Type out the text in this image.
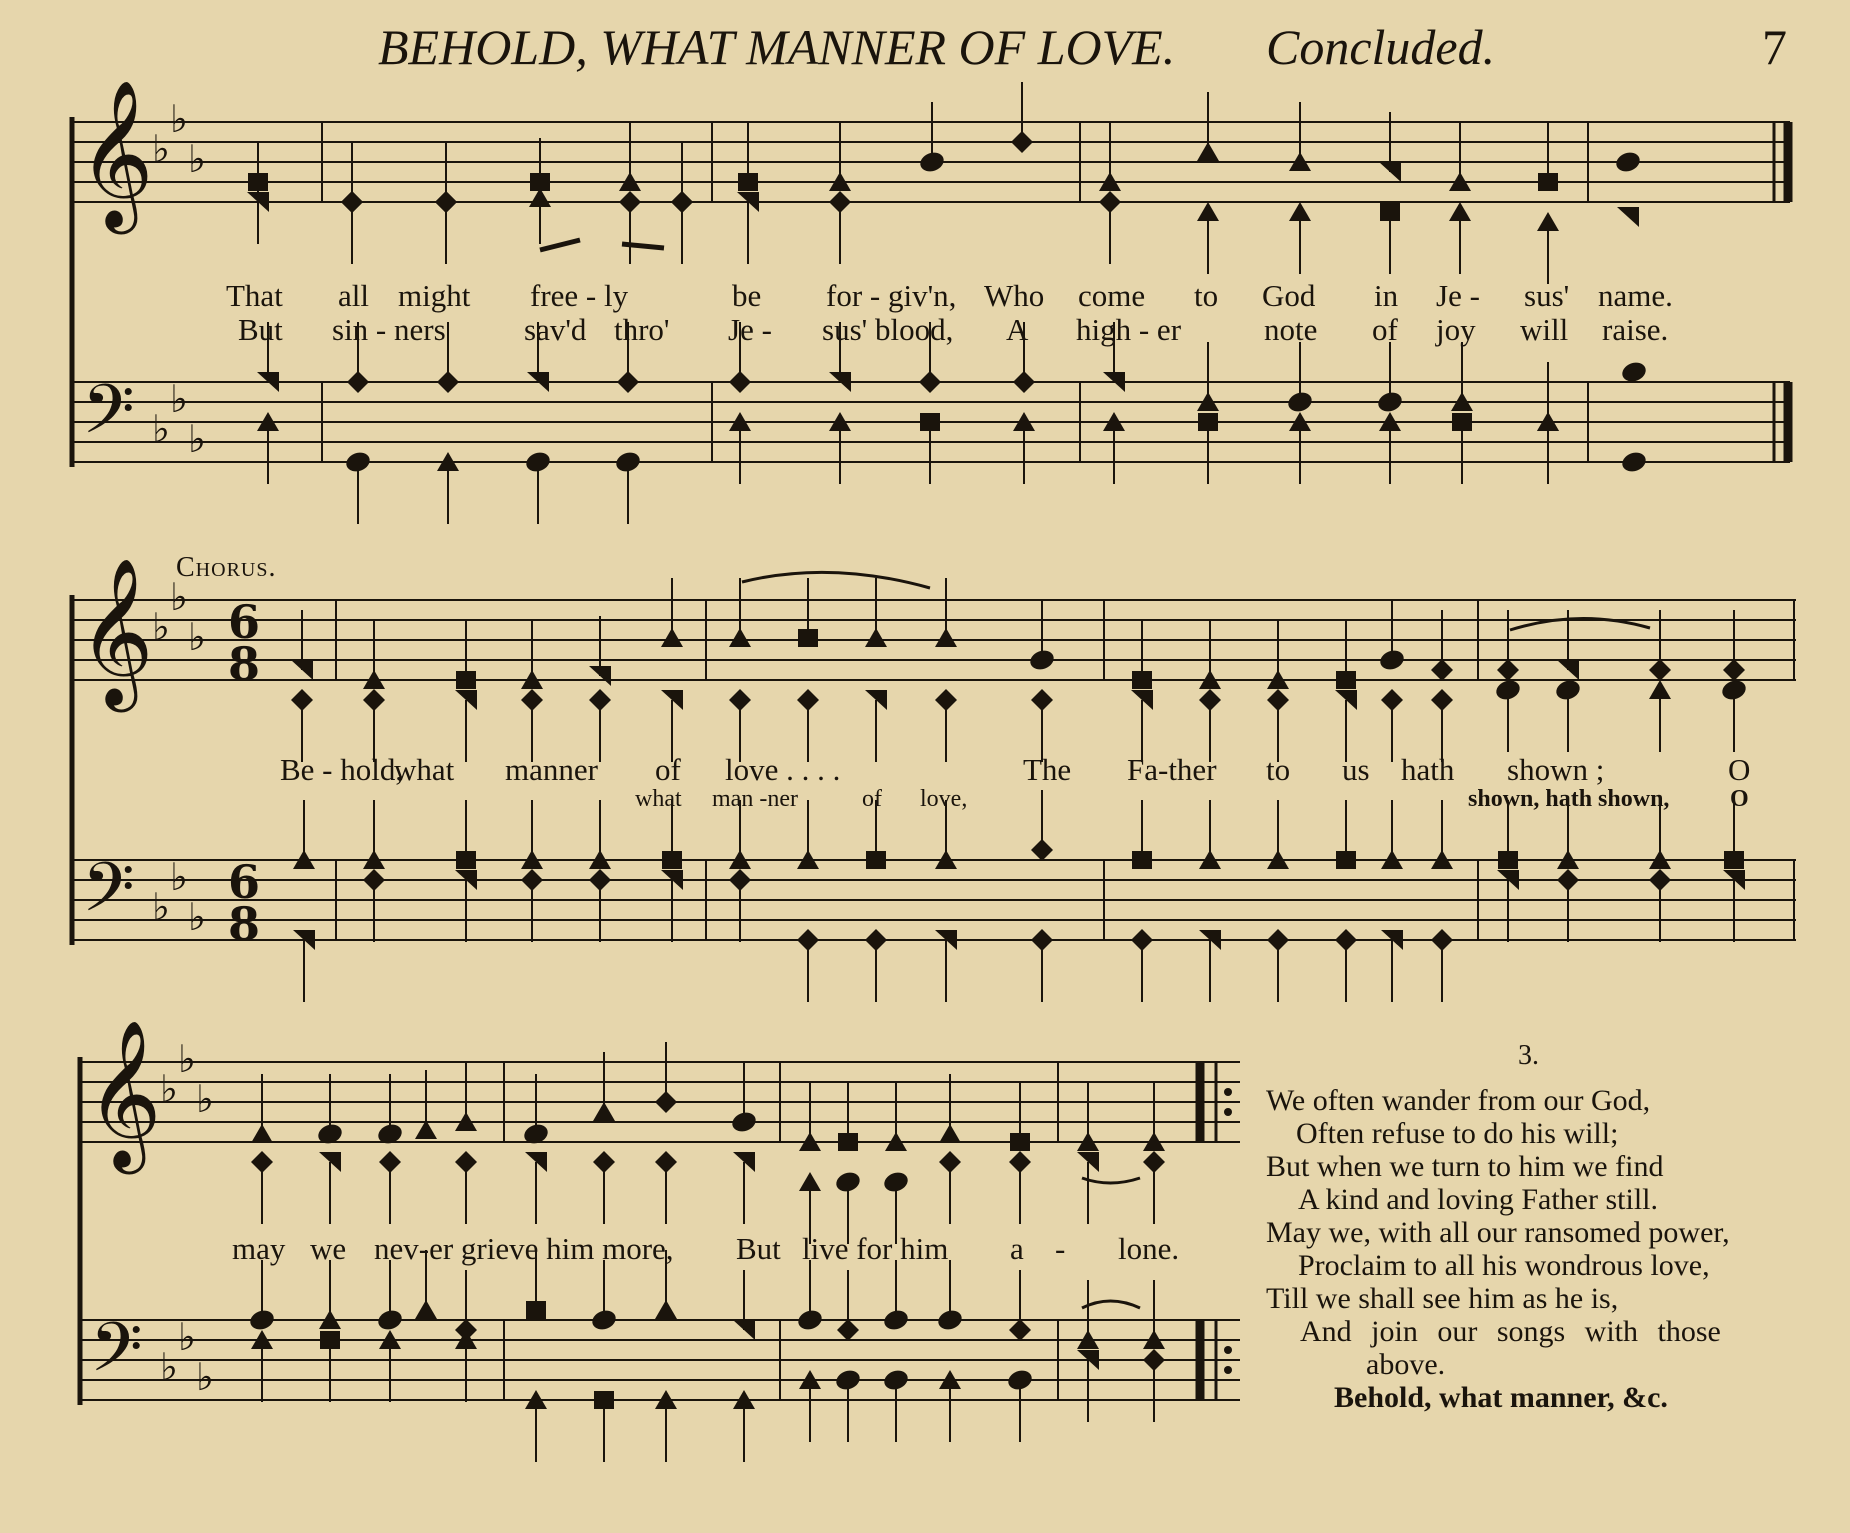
𝄞
𝄢
♭
♭
♭
♭
♭
♭
𝄞
𝄢
♭
♭
♭
♭
♭
♭
6
8
6
8
𝄞
𝄢
♭
♭
♭
♭
♭
♭
BEHOLD, WHAT MANNER OF LOVE. Concluded.	7
That all might free - ly	be for - giv'n, Who come to God in Je - sus' name.
But sin - ners	sav'd thro' Je - sus' blood, A high - er	note of joy will raise.
Chorus.
Be - hold,
what manner of love . . . .	The Fa-ther to us hath shown ;	O
what man -ner	of love,	shown, hath shown,	O
may we nev-er grieve him more, But live for him a - lone.
3.
We often wander from our God,
Often refuse to do his will;
But when we turn to him we find
A kind and loving Father still.
May we, with all our ransomed power,
Proclaim to all his wondrous love,
Till we shall see him as he is,
And join our songs with those
above.
Behold, what manner, &c.
